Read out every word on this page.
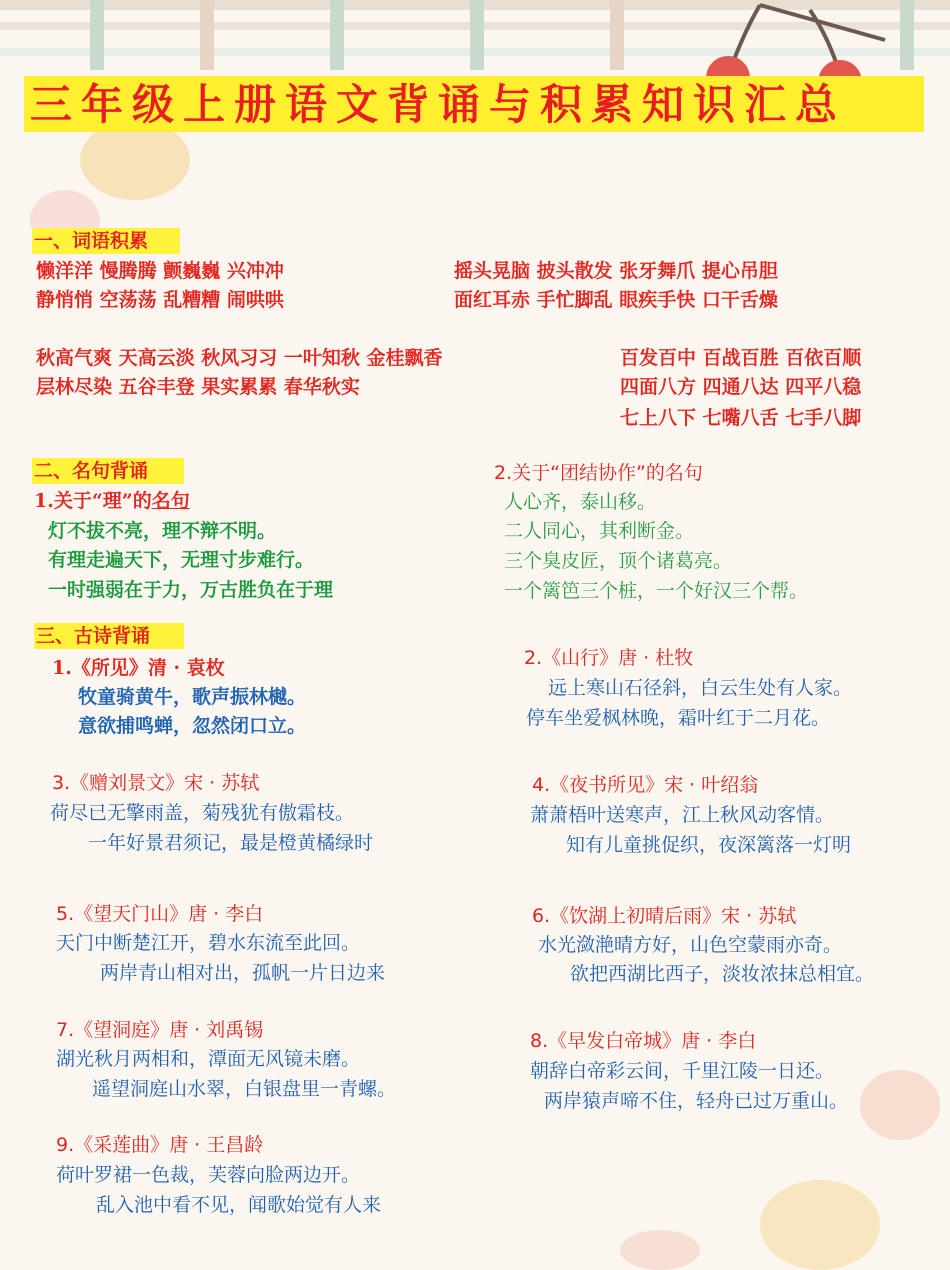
三年级上册语文背诵与积累知识汇总
一、词语积累
懒洋洋 慢腾腾 颤巍巍 兴冲冲
静悄悄 空荡荡 乱糟糟 闹哄哄
摇头晃脑 披头散发 张牙舞爪 提心吊胆
面红耳赤 手忙脚乱 眼疾手快 口干舌燥
秋高气爽 天高云淡 秋风习习 一叶知秋 金桂飘香
层林尽染 五谷丰登 果实累累 春华秋实
百发百中 百战百胜 百依百顺
四面八方 四通八达 四平八稳
七上八下 七嘴八舌 七手八脚
二、名句背诵
1.关于“理”的名句
灯不拔不亮，理不辩不明。
有理走遍天下，无理寸步难行。
一时强弱在于力，万古胜负在于理
2.关于“团结协作”的名句
人心齐，泰山移。
二人同心，其利断金。
三个臭皮匠，顶个诸葛亮。
一个篱笆三个桩，一个好汉三个帮。
三、古诗背诵
1.《所见》清 · 袁枚
牧童骑黄牛，歌声振林樾。
意欲捕鸣蝉，忽然闭口立。
2.《山行》唐 · 杜牧
远上寒山石径斜，白云生处有人家。
停车坐爱枫林晚，霜叶红于二月花。
3.《赠刘景文》宋 · 苏轼
荷尽已无擎雨盖，菊残犹有傲霜枝。
一年好景君须记，最是橙黄橘绿时
4.《夜书所见》宋 · 叶绍翁
萧萧梧叶送寒声，江上秋风动客情。
知有儿童挑促织，夜深篱落一灯明
5.《望天门山》唐 · 李白
天门中断楚江开，碧水东流至此回。
两岸青山相对出，孤帆一片日边来
6.《饮湖上初晴后雨》宋 · 苏轼
水光潋滟晴方好，山色空蒙雨亦奇。
欲把西湖比西子，淡妆浓抹总相宜。
7.《望洞庭》唐 · 刘禹锡
湖光秋月两相和，潭面无风镜未磨。
遥望洞庭山水翠，白银盘里一青螺。
8.《早发白帝城》唐 · 李白
朝辞白帝彩云间，千里江陵一日还。
两岸猿声啼不住，轻舟已过万重山。
9.《采莲曲》唐 · 王昌龄
荷叶罗裙一色裁，芙蓉向脸两边开。
乱入池中看不见，闻歌始觉有人来
